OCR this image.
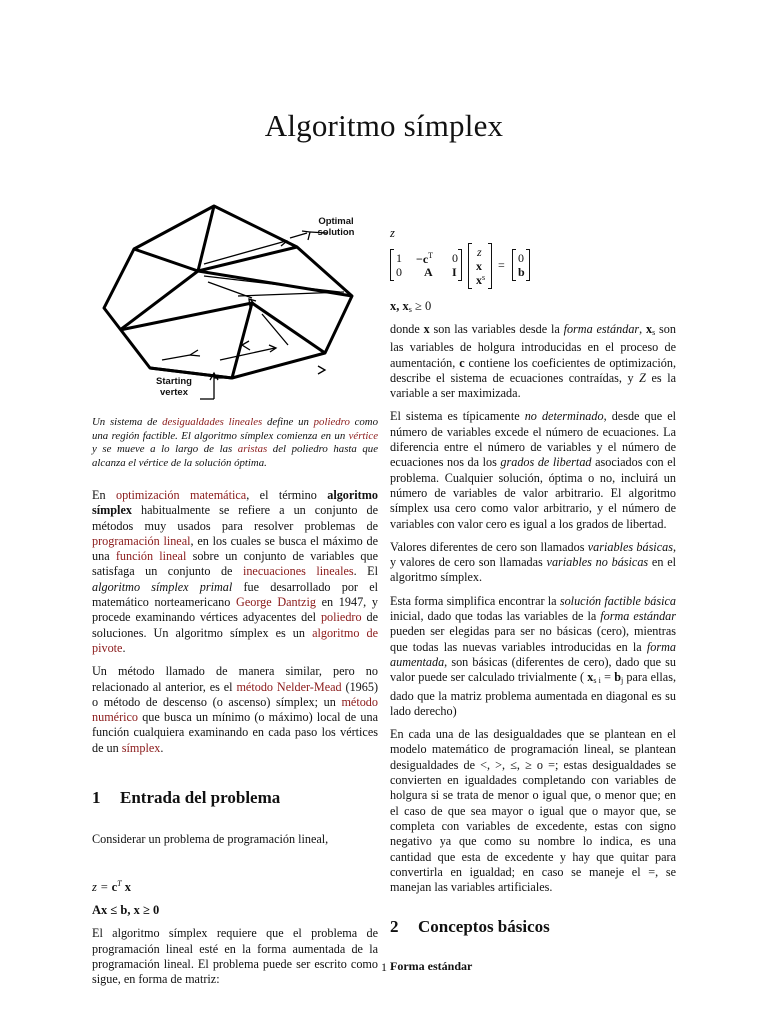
Algoritmo símplex
Optimal
solution
Starting
vertex

Un sistema de desigualdades lineales define un poliedro como una región factible. El algoritmo símplex comienza en un vértice y se mueve a lo largo de las aristas del poliedro hasta que alcanza el vértice de la solución óptima.

En optimización matemática, el término algoritmo símplex habitualmente se refiere a un conjunto de métodos muy usados para resolver problemas de programación lineal, en los cuales se busca el máximo de una función lineal sobre un conjunto de variables que satisfaga un conjunto de inecuaciones lineales. El algoritmo símplex primal fue desarrollado por el matemático norteamericano George Dantzig en 1947, y procede examinando vértices adyacentes del poliedro de soluciones. Un algoritmo símplex es un algoritmo de pivote.

Un método llamado de manera similar, pero no relacionado al anterior, es el método Nelder-Mead (1965) o método de descenso (o ascenso) símplex; un método numérico que busca un mínimo (o máximo) local de una función cualquiera examinando en cada paso los vértices de un símplex.

1	Entrada del problema

Considerar un problema de programación lineal,

$z = c^T$ x
Ax ≤ b, x ≥ 0

El algoritmo símplex requiere que el problema de programación lineal esté en la forma aumentada de la programación lineal. El problema puede ser escrito como sigue, en forma de matriz:

z
$1 -c^T$ 0
0 A I
z
x
x s
= 0
b
x, $x_s \ge 0$

donde x son las variables desde la forma estándar, $x_s$ son las variables de holgura introducidas en el proceso de aumentación, c contiene los coeficientes de optimización, describe el sistema de ecuaciones contraídas, y Z es la variable a ser maximizada.

El sistema es típicamente no determinado, desde que el número de variables excede el número de ecuaciones. La diferencia entre el número de variables y el número de ecuaciones nos da los grados de libertad asociados con el problema. Cualquier solución, óptima o no, incluirá un número de variables de valor arbitrario. El algoritmo símplex usa cero como valor arbitrario, y el número de variables con valor cero es igual a los grados de libertad.

Valores diferentes de cero son llamados variables básicas, y valores de cero son llamadas variables no básicas en el algoritmo símplex.

Esta forma simplifica encontrar la solución factible básica inicial, dado que todas las variables de la forma estándar pueden ser elegidas para ser no básicas (cero), mientras que todas las nuevas variables introducidas en la forma aumentada, son básicas (diferentes de cero), dado que su valor puede ser calculado trivialmente ( $x_{s i} = b_j$ para ellas, dado que la matriz problema aumentada en diagonal es su lado derecho)

En cada una de las desigualdades que se plantean en el modelo matemático de programación lineal, se plantean desigualdades de <, >, ≤, ≥ o =; estas desigualdades se convierten en igualdades completando con variables de holgura si se trata de menor o igual que, o menor que; en el caso de que sea mayor o igual que o mayor que, se completa con variables de excedente, estas con signo negativo ya que como su nombre lo indica, es una cantidad que esta de excedente y hay que quitar para convertirla en igualdad; en caso se maneje el =, se manejan las variables artificiales.

2	Conceptos básicos
Forma estándar
1
